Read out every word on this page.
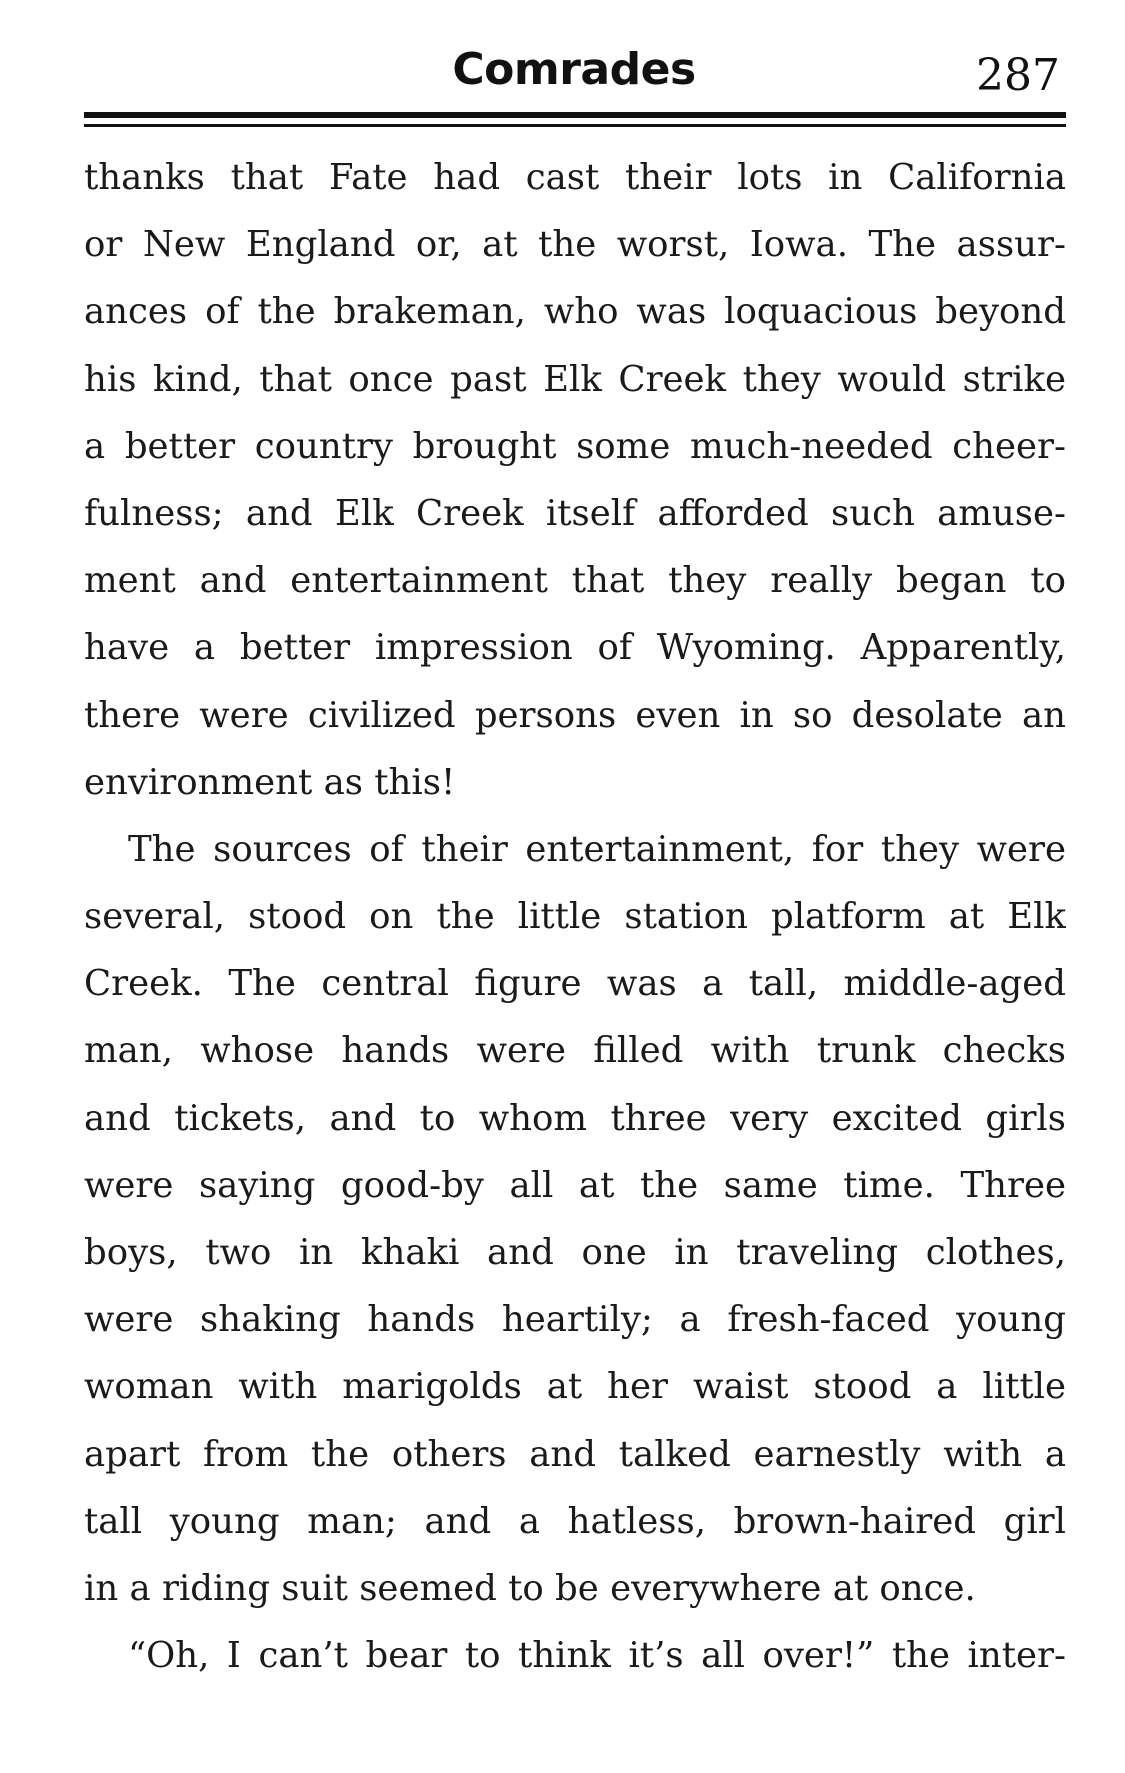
Comrades	287
thanks that Fate had cast their lots in California
or New England or, at the worst, Iowa. The assur-
ances of the brakeman, who was loquacious beyond
his kind, that once past Elk Creek they would strike
a better country brought some much-needed cheer-
fulness; and Elk Creek itself afforded such amuse-
ment and entertainment that they really began to
have a better impression of Wyoming. Apparently,
there were civilized persons even in so desolate an
environment as this!
The sources of their entertainment, for they were
several, stood on the little station platform at Elk
Creek. The central figure was a tall, middle-aged
man, whose hands were filled with trunk checks
and tickets, and to whom three very excited girls
were saying good-by all at the same time. Three
boys, two in khaki and one in traveling clothes,
were shaking hands heartily; a fresh-faced young
woman with marigolds at her waist stood a little
apart from the others and talked earnestly with a
tall young man; and a hatless, brown-haired girl
in a riding suit seemed to be everywhere at once.
“Oh, I can’t bear to think it’s all over!” the inter-
